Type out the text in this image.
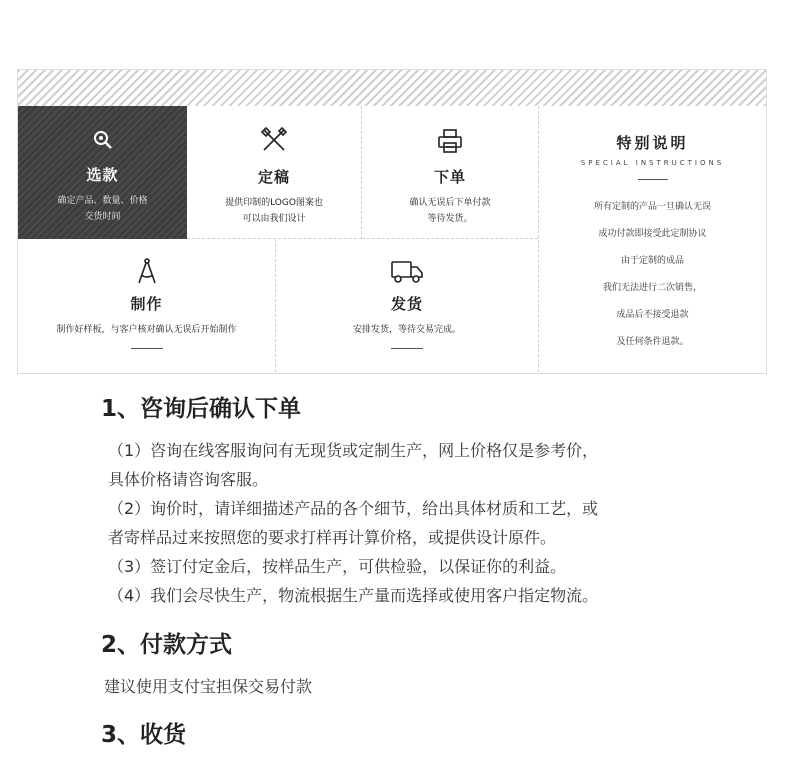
选款
确定产品、数量、价格
交货时间
定稿
提供印制的LOGO图案也
可以由我们设计
下单
确认无误后下单付款
等待发货。
制作
制作好样板，与客户核对确认无误后开始制作
发货
安排发货，等待交易完成。
特别说明
SPECIAL INSTRUCTIONS
所有定制的产品一旦确认无误
成功付款即接受此定制协议
由于定制的成品
我们无法进行二次销售，
成品后不接受退款
及任何条件退款。
1、咨询后确认下单
（1）咨询在线客服询问有无现货或定制生产，网上价格仅是参考价，
具体价格请咨询客服。
（2）询价时，请详细描述产品的各个细节，给出具体材质和工艺，或
者寄样品过来按照您的要求打样再计算价格，或提供设计原件。
（3）签订付定金后，按样品生产，可供检验，以保证你的利益。
（4）我们会尽快生产，物流根据生产量而选择或使用客户指定物流。
2、付款方式
建议使用支付宝担保交易付款
3、收货
